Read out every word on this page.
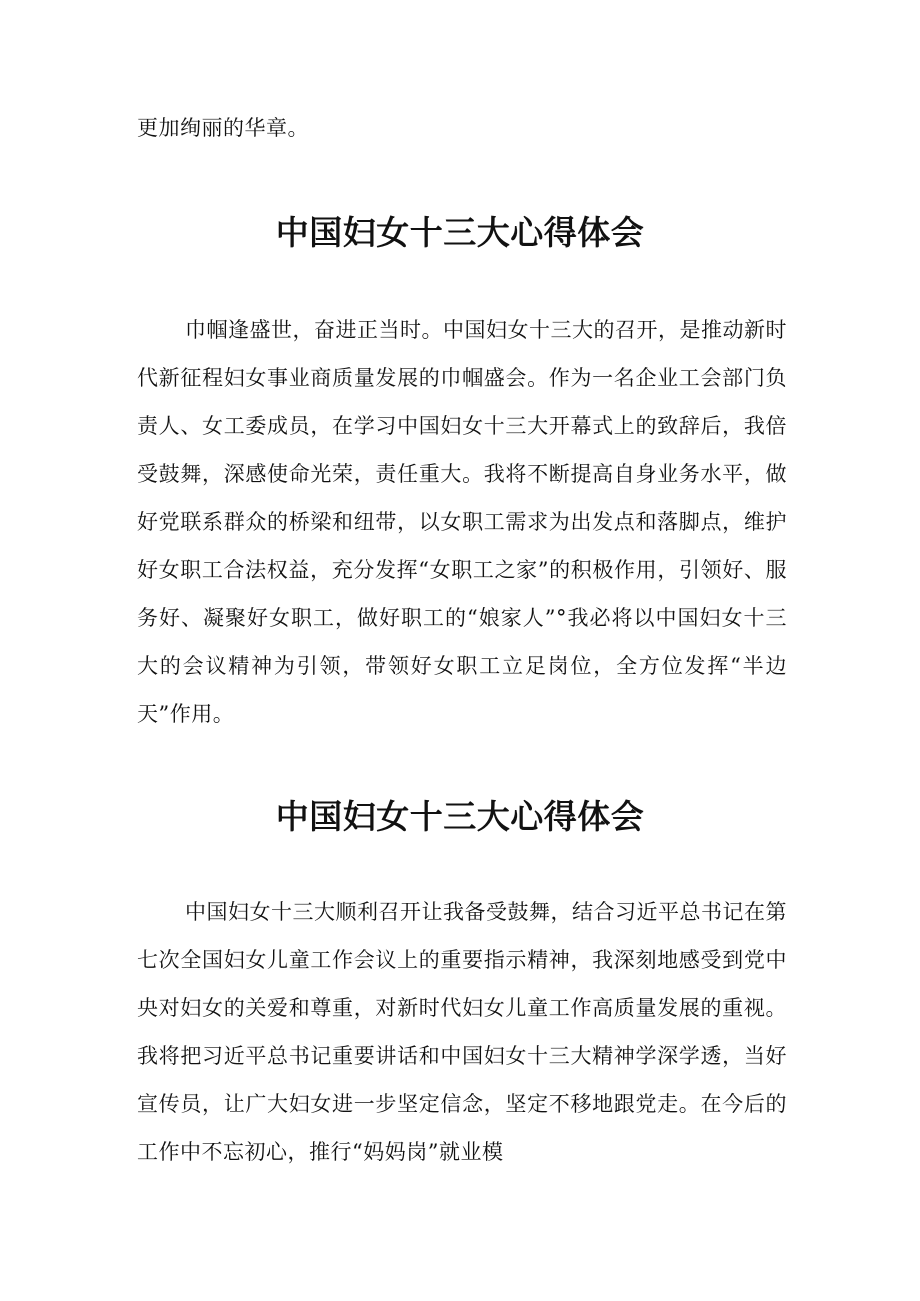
更加绚丽的华章。

中国妇女十三大心得体会

巾帼逢盛世，奋进正当时。中国妇女十三大的召开，是推动新时代新征程妇女事业商质量发展的巾帼盛会。作为一名企业工会部门负责人、女工委成员，在学习中国妇女十三大开幕式上的致辞后，我倍受鼓舞，深感使命光荣，责任重大。我将不断提高自身业务水平，做好党联系群众的桥梁和纽带，以女职工需求为出发点和落脚点，维护好女职工合法权益，充分发挥“女职工之家”的积极作用，引领好、服务好、凝聚好女职工，做好职工的“娘家人”°我必将以中国妇女十三大的会议精神为引领，带领好女职工立足岗位，全方位发挥“半边天”作用。

中国妇女十三大心得体会

中国妇女十三大顺利召开让我备受鼓舞，结合习近平总书记在第七次全国妇女儿童工作会议上的重要指示精神，我深刻地感受到党中央对妇女的关爱和尊重，对新时代妇女儿童工作高质量发展的重视。我将把习近平总书记重要讲话和中国妇女十三大精神学深学透，当好宣传员，让广大妇女进一步坚定信念，坚定不移地跟党走。在今后的工作中不忘初心，推行“妈妈岗”就业模
